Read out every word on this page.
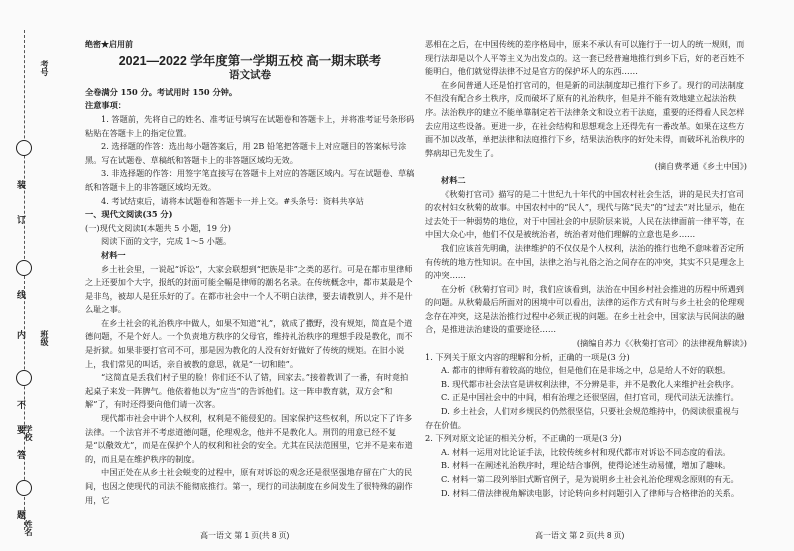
装
订
线
内
不
要
答
题
考号
班级
姓名
学校
绝密★启用前
2021—2022 学年度第一学期五校 高一期末联考
语文试卷
全卷满分 150 分。考试用时 150 分钟。
注意事项：
1. 答题前，先将自己的姓名、准考证号填写在试题卷和答题卡上，并将准考证号条形码粘贴在答题卡上的指定位置。
2. 选择题的作答：选出每小题答案后，用 2B 铅笔把答题卡上对应题目的答案标号涂黑。写在试题卷、草稿纸和答题卡上的非答题区域均无效。
3. 非选择题的作答：用签字笔直接写在答题卡上对应的答题区域内。写在试题卷、草稿纸和答题卡上的非答题区域均无效。
4. 考试结束后，请将本试题卷和答题卡一并上交。#头条号：资料共享站
一、现代文阅读(35 分)
(一)现代文阅读Ⅰ(本题共 5 小题，19 分)
阅读下面的文字，完成 1～5 小题。
材料一
乡土社会里，一说起“诉讼”，大家会联想到“把族是非”之类的恶行。可是在都市里律师之上还要加个大字，报纸的封面可能全幅是律师的潮名名录。在传统概念中，都市某最是个是非鸟，被却人是狂乐好的了。在都市社会中一个人不明白法律，要去请教别人，并不是什么耻之事。
在乡土社会的礼治秩序中做人，如果不知道“礼”，就成了撒野，没有规矩，简直是个道德问题，不是个好人。一个负责地方秩序的父母官，维持礼治秩序的理想手段是教化，而不是折狱。如果非要打官司不可，那是因为教化的人没有好好做好了传统的规矩。在旧小说上，我们常见的叫话，亲自被教的意思，就是“一切和睦”。
“这简直是丢我们村子里的脸！你们还不认了错，回家去。”接着教训了一番，有时竟拍起桌子来发一阵脾气。他依着他以为“应当”的告诉他们。这一阵申教育就，双方会“和解”了，有时还得要向他们请一次客。
现代都市社会中讲个人权利，权利是不能侵犯的。国家保护这些权利，所以定下了许多法律。一个法官并不考虑道德问题，伦理观念，他并不是教化人。刑罚的用意已经不复是“以儆效尤”，而是在保护个人的权利和社会的安全。尤其在民法范围里，它并不是来布道的，而且是在维护秩序的制度。
中国正处在从乡土社会蜕变的过程中，原有对诉讼的观念还是很坚强地存留在广大的民间，也因之使现代的司法不能彻底推行。第一，现行的司法制度在乡间发生了很特殊的副作用，它
恶相在之后，在中国传统的差序格局中，原来不承认有可以施行于一切人的统一规则，而现行法却是以个人平等主义为出发点的。这一套已经普遍地推行到乡下后，好的老百姓不能明白，他们就觉得法律不过是官方的保护坏人的东西……
在乡间普通人还是怕打官司的，但是新的司法制度却已推行下乡了。现行的司法制度不但没有配合乡土秩序，反而破坏了原有的礼治秩序，但是并不能有效地建立起法治秩序。法治秩序的建立不能单靠制定若干法律条文和设立若干法庭，重要的还得看人民怎样去应用这些设备。更进一步，在社会结构和思想观念上还得先有一番改革。如果在这些方面不加以改革，单把法律和法庭推行下乡，结果法治秩序的好处未得，而破坏礼治秩序的弊病却已先发生了。
(摘自费孝通《乡土中国》)
材料二
《秋菊打官司》描写的是二十世纪九十年代的中国农村社会生活，讲的是民夫打官司的农村妇女秋菊的故事。中国农村中的“民人”，现代与陈“民夫”的“过去”对比显示，他在过去处于一种弱势的地位，对于中国社会的中层阶层来说，人民在法律面前一律平等，在中国大众心中，他们不仅是被统治者，统治者对他们理解的立意也是乡……
我们应该首先明确，法律维护的不仅仅是个人权利，法治的推行也绝不意味着否定所有传统的地方性知识。在中国，法律之治与礼俗之治之间存在的冲突，其实不只是理念上的冲突……
在分析《秋菊打官司》时，我们应该看到，法治在中国乡村社会推进的历程中所遇到的问题。从秋菊最后所面对的困境中可以看出，法律的运作方式有时与乡土社会的伦理观念存在冲突，这是法治推行过程中必须正视的问题。在乡土社会中，国家法与民间法的融合，是推进法治建设的重要途径……
(摘编自苏力《〈秋菊打官司〉的法律视角解读》)
1. 下列关于原文内容的理解和分析，正确的一项是(3 分)
A. 都市的律师有着较高的地位，但是他们在是非场之中，总是给人不好的联想。
B. 现代都市社会法官是讲权利法律，不分辨是非，并不是教化人来维护社会秩序。
C. 正是中国社会中的中间，相有治理之还很坚固，但打官司，现代司法无法推行。
D. 乡土社会，人们对乡规民约仍然很坚信，只要社会规范维持中，仍阅读很重视与存在价值。
2. 下列对原文论证的相关分析，不正确的一项是(3 分)
A. 材料一运用对比论证手法，比较传统乡村和现代都市对诉讼不同态度的看法。
B. 材料一在阐述礼治秩序时，理论结合事例，使得论述生动易懂，增加了趣味。
C. 材料一第二段列举旧式断官例子，是为说明乡土社会礼治伦理观念原则的有无。
D. 材料二借法律视角解读电影，讨论转向乡村问题引入了律师与合格律治的关系。
高一语文 第 1 页(共 8 页)	高一语文 第 2 页(共 8 页)
